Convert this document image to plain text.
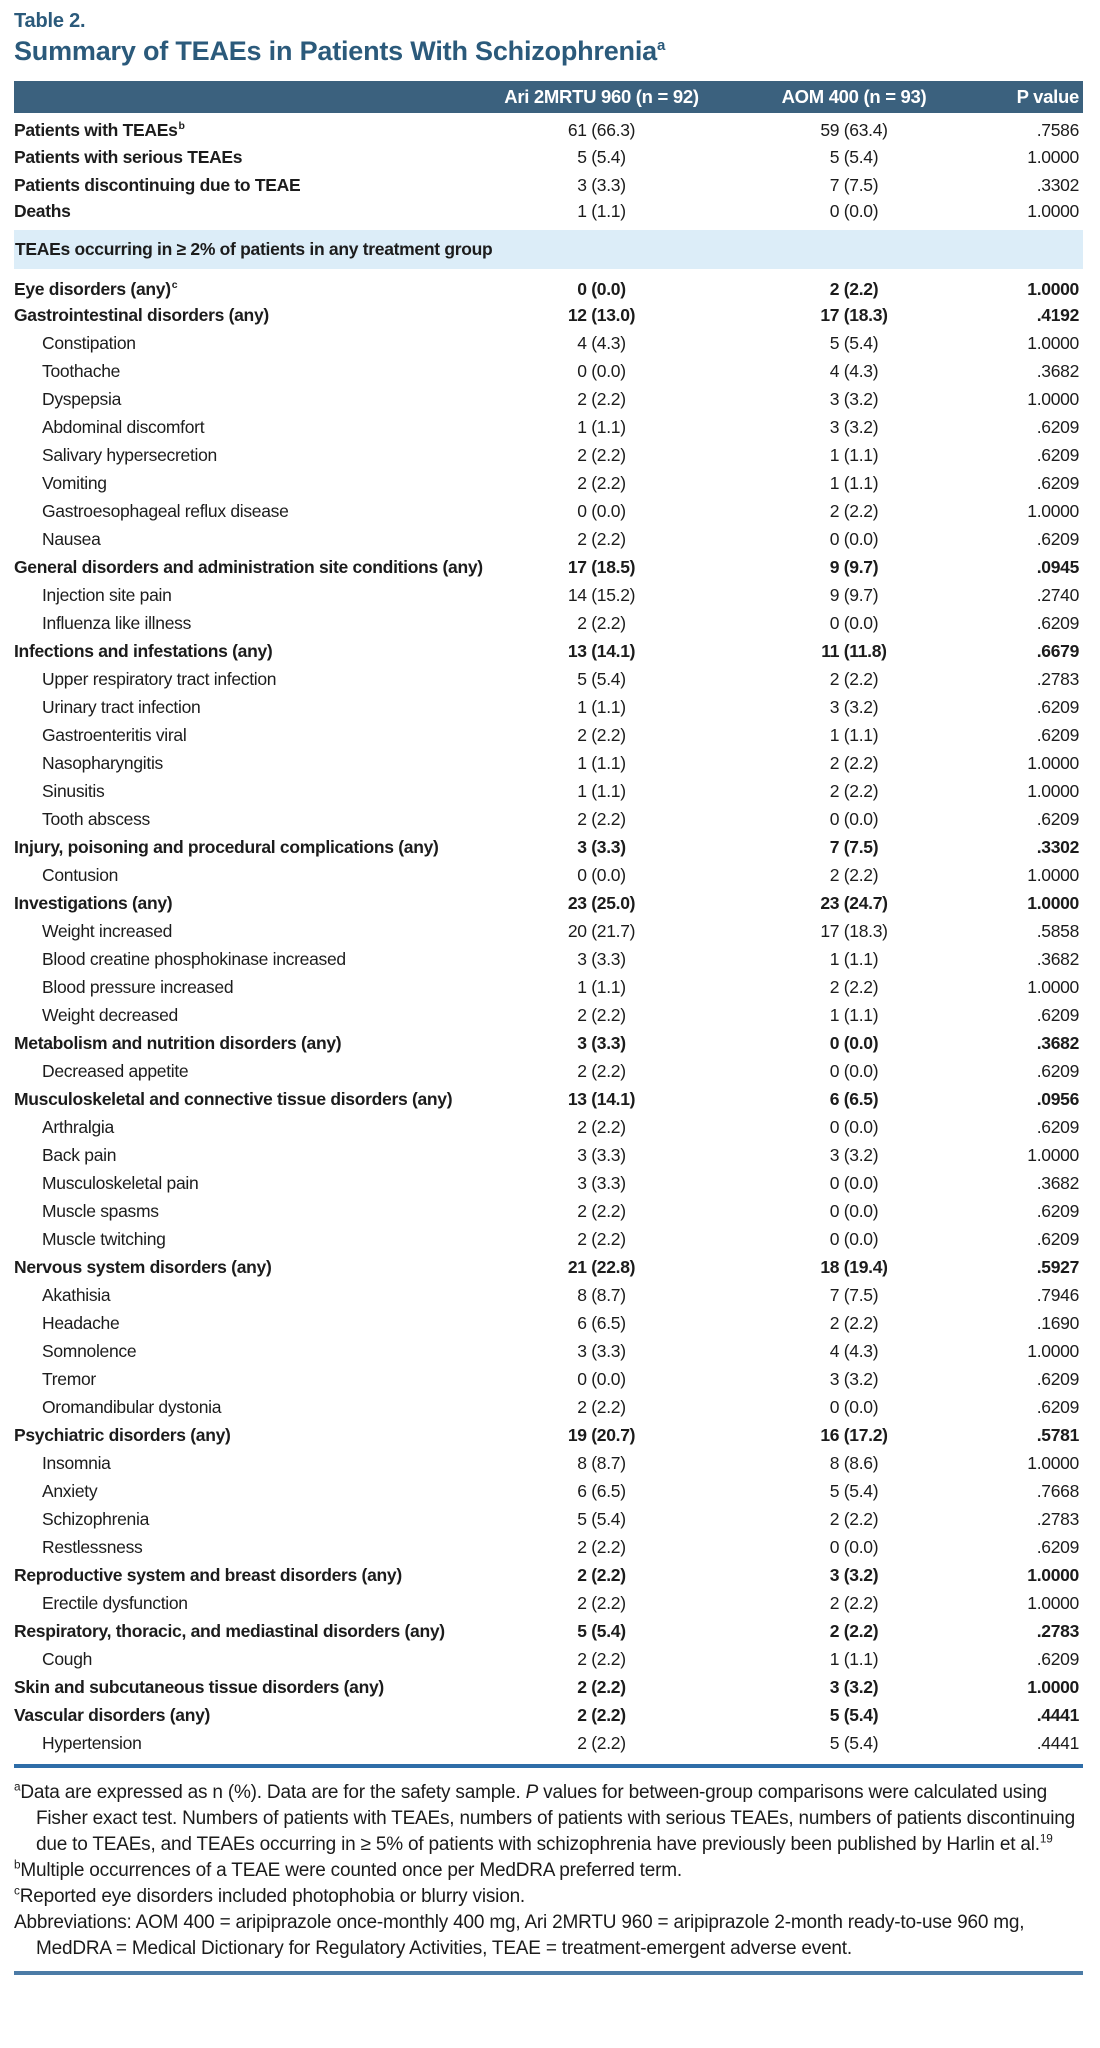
Table 2.
Summary of TEAEs in Patients With Schizophrenia$^a$
	Ari 2MRTU 960 (n = 92)	AOM 400 (n = 93)	P value
Patients with TEAEs$^b$	61 (66.3)	59 (63.4)	.7586
Patients with serious TEAEs	5 (5.4)	5 (5.4)	1.0000
Patients discontinuing due to TEAE	3 (3.3)	7 (7.5)	.3302
Deaths	1 (1.1)	0 (0.0)	1.0000
TEAEs occurring in ≥ 2% of patients in any treatment group			
Eye disorders (any)$^c$	0 (0.0)	2 (2.2)	1.0000
Gastrointestinal disorders (any)	12 (13.0)	17 (18.3)	.4192
Constipation	4 (4.3)	5 (5.4)	1.0000
Toothache	0 (0.0)	4 (4.3)	.3682
Dyspepsia	2 (2.2)	3 (3.2)	1.0000
Abdominal discomfort	1 (1.1)	3 (3.2)	.6209
Salivary hypersecretion	2 (2.2)	1 (1.1)	.6209
Vomiting	2 (2.2)	1 (1.1)	.6209
Gastroesophageal reflux disease	0 (0.0)	2 (2.2)	1.0000
Nausea	2 (2.2)	0 (0.0)	.6209
General disorders and administration site conditions (any)	17 (18.5)	9 (9.7)	.0945
Injection site pain	14 (15.2)	9 (9.7)	.2740
Influenza like illness	2 (2.2)	0 (0.0)	.6209
Infections and infestations (any)	13 (14.1)	11 (11.8)	.6679
Upper respiratory tract infection	5 (5.4)	2 (2.2)	.2783
Urinary tract infection	1 (1.1)	3 (3.2)	.6209
Gastroenteritis viral	2 (2.2)	1 (1.1)	.6209
Nasopharyngitis	1 (1.1)	2 (2.2)	1.0000
Sinusitis	1 (1.1)	2 (2.2)	1.0000
Tooth abscess	2 (2.2)	0 (0.0)	.6209
Injury, poisoning and procedural complications (any)	3 (3.3)	7 (7.5)	.3302
Contusion	0 (0.0)	2 (2.2)	1.0000
Investigations (any)	23 (25.0)	23 (24.7)	1.0000
Weight increased	20 (21.7)	17 (18.3)	.5858
Blood creatine phosphokinase increased	3 (3.3)	1 (1.1)	.3682
Blood pressure increased	1 (1.1)	2 (2.2)	1.0000
Weight decreased	2 (2.2)	1 (1.1)	.6209
Metabolism and nutrition disorders (any)	3 (3.3)	0 (0.0)	.3682
Decreased appetite	2 (2.2)	0 (0.0)	.6209
Musculoskeletal and connective tissue disorders (any)	13 (14.1)	6 (6.5)	.0956
Arthralgia	2 (2.2)	0 (0.0)	.6209
Back pain	3 (3.3)	3 (3.2)	1.0000
Musculoskeletal pain	3 (3.3)	0 (0.0)	.3682
Muscle spasms	2 (2.2)	0 (0.0)	.6209
Muscle twitching	2 (2.2)	0 (0.0)	.6209
Nervous system disorders (any)	21 (22.8)	18 (19.4)	.5927
Akathisia	8 (8.7)	7 (7.5)	.7946
Headache	6 (6.5)	2 (2.2)	.1690
Somnolence	3 (3.3)	4 (4.3)	1.0000
Tremor	0 (0.0)	3 (3.2)	.6209
Oromandibular dystonia	2 (2.2)	0 (0.0)	.6209
Psychiatric disorders (any)	19 (20.7)	16 (17.2)	.5781
Insomnia	8 (8.7)	8 (8.6)	1.0000
Anxiety	6 (6.5)	5 (5.4)	.7668
Schizophrenia	5 (5.4)	2 (2.2)	.2783
Restlessness	2 (2.2)	0 (0.0)	.6209
Reproductive system and breast disorders (any)	2 (2.2)	3 (3.2)	1.0000
Erectile dysfunction	2 (2.2)	2 (2.2)	1.0000
Respiratory, thoracic, and mediastinal disorders (any)	5 (5.4)	2 (2.2)	.2783
Cough	2 (2.2)	1 (1.1)	.6209
Skin and subcutaneous tissue disorders (any)	2 (2.2)	3 (3.2)	1.0000
Vascular disorders (any)	2 (2.2)	5 (5.4)	.4441
Hypertension	2 (2.2)	5 (5.4)	.4441

$^a$Data are expressed as n (%). Data are for the safety sample. P values for between-group comparisons were calculated using Fisher exact test. Numbers of patients with TEAEs, numbers of patients with serious TEAEs, numbers of patients discontinuing due to TEAEs, and TEAEs occurring in ≥ 5% of patients with schizophrenia have previously been published by Harlin et al.$^{19}$

$^b$Multiple occurrences of a TEAE were counted once per MedDRA preferred term.

$^c$Reported eye disorders included photophobia or blurry vision.

Abbreviations: AOM 400 = aripiprazole once-monthly 400 mg, Ari 2MRTU 960 = aripiprazole 2-month ready-to-use 960 mg, MedDRA = Medical Dictionary for Regulatory Activities, TEAE = treatment-emergent adverse event.
